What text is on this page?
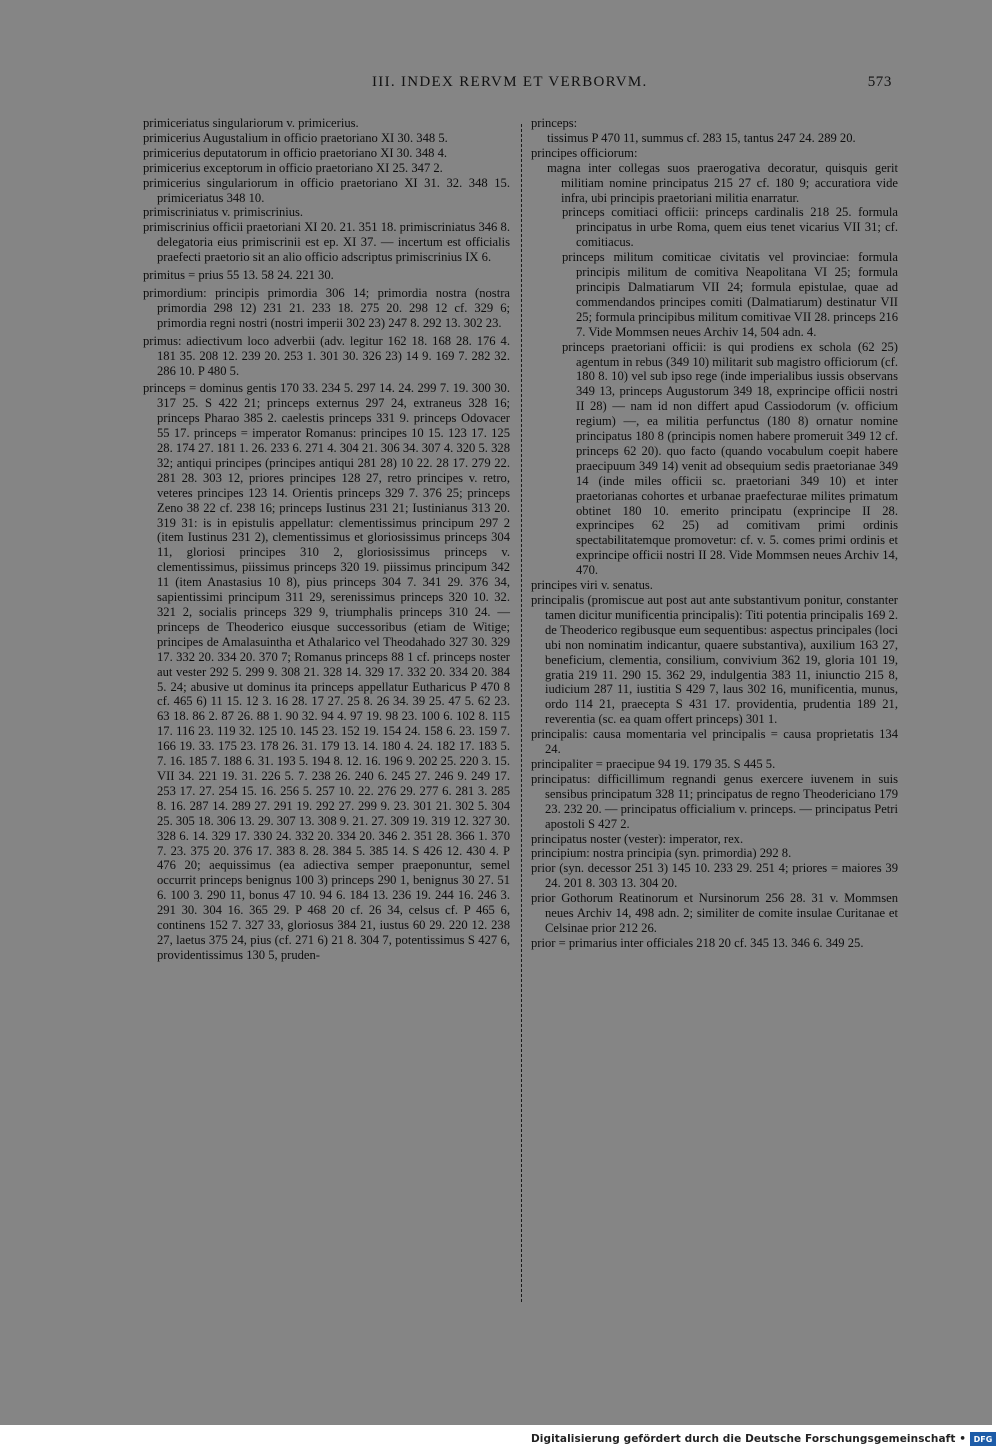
III. INDEX RERVM ET VERBORVM.	573

primiceriatus singulariorum v. primicerius.

primicerius Augustalium in officio praetoriano XI 30. 348 5.

primicerius deputatorum in officio praetoriano XI 30. 348 4.

primicerius exceptorum in officio praetoriano XI 25. 347 2.

primicerius singulariorum in officio praetoriano XI 31. 32. 348 15. primiceriatus 348 10.

primiscriniatus v. primiscrinius.

primiscrinius officii praetoriani XI 20. 21. 351 18. primiscriniatus 346 8. delegatoria eius primiscrinii est ep. XI 37. — incertum est officialis praefecti praetorio sit an alio officio adscriptus primiscrinius IX 6.

primitus = prius 55 13. 58 24. 221 30.

primordium: principis primordia 306 14; primordia nostra (nostra primordia 298 12) 231 21. 233 18. 275 20. 298 12 cf. 329 6; primordia regni nostri (nostri imperii 302 23) 247 8. 292 13. 302 23.

primus: adiectivum loco adverbii (adv. legitur 162 18. 168 28. 176 4. 181 35. 208 12. 239 20. 253 1. 301 30. 326 23) 14 9. 169 7. 282 32. 286 10. P 480 5.

princeps = dominus gentis 170 33. 234 5. 297 14. 24. 299 7. 19. 300 30. 317 25. S 422 21; princeps externus 297 24, extraneus 328 16; princeps Pharao 385 2. caelestis princeps 331 9. princeps Odovacer 55 17. princeps = imperator Romanus: principes 10 15. 123 17. 125 28. 174 27. 181 1. 26. 233 6. 271 4. 304 21. 306 34. 307 4. 320 5. 328 32; antiqui principes (principes antiqui 281 28) 10 22. 28 17. 279 22. 281 28. 303 12, priores principes 128 27, retro principes v. retro, veteres principes 123 14. Orientis princeps 329 7. 376 25; princeps Zeno 38 22 cf. 238 16; princeps Iustinus 231 21; Iustinianus 313 20. 319 31: is in epistulis appellatur: clementissimus principum 297 2 (item Iustinus 231 2), clementissimus et gloriosissimus princeps 304 11, gloriosi principes 310 2, gloriosissimus princeps v. clementissimus, piissimus princeps 320 19. piissimus principum 342 11 (item Anastasius 10 8), pius princeps 304 7. 341 29. 376 34, sapientissimi principum 311 29, serenissimus princeps 320 10. 32. 321 2, socialis princeps 329 9, triumphalis princeps 310 24. — princeps de Theoderico eiusque successoribus (etiam de Witige; principes de Amalasuintha et Athalarico vel Theodahado 327 30. 329 17. 332 20. 334 20. 370 7; Romanus princeps 88 1 cf. princeps noster aut vester 292 5. 299 9. 308 21. 328 14. 329 17. 332 20. 334 20. 384 5. 24; abusive ut dominus ita princeps appellatur Eutharicus P 470 8 cf. 465 6) 11 15. 12 3. 16 28. 17 27. 25 8. 26 34. 39 25. 47 5. 62 23. 63 18. 86 2. 87 26. 88 1. 90 32. 94 4. 97 19. 98 23. 100 6. 102 8. 115 17. 116 23. 119 32. 125 10. 145 23. 152 19. 154 24. 158 6. 23. 159 7. 166 19. 33. 175 23. 178 26. 31. 179 13. 14. 180 4. 24. 182 17. 183 5. 7. 16. 185 7. 188 6. 31. 193 5. 194 8. 12. 16. 196 9. 202 25. 220 3. 15. VII 34. 221 19. 31. 226 5. 7. 238 26. 240 6. 245 27. 246 9. 249 17. 253 17. 27. 254 15. 16. 256 5. 257 10. 22. 276 29. 277 6. 281 3. 285 8. 16. 287 14. 289 27. 291 19. 292 27. 299 9. 23. 301 21. 302 5. 304 25. 305 18. 306 13. 29. 307 13. 308 9. 21. 27. 309 19. 319 12. 327 30. 328 6. 14. 329 17. 330 24. 332 20. 334 20. 346 2. 351 28. 366 1. 370 7. 23. 375 20. 376 17. 383 8. 28. 384 5. 385 14. S 426 12. 430 4. P 476 20; aequissimus (ea adiectiva semper praeponuntur, semel occurrit princeps benignus 100 3) princeps 290 1, benignus 30 27. 51 6. 100 3. 290 11, bonus 47 10. 94 6. 184 13. 236 19. 244 16. 246 3. 291 30. 304 16. 365 29. P 468 20 cf. 26 34, celsus cf. P 465 6, continens 152 7. 327 33, gloriosus 384 21, iustus 60 29. 220 12. 238 27, laetus 375 24, pius (cf. 271 6) 21 8. 304 7, potentissimus S 427 6, providentissimus 130 5, pruden-

princeps:

tissimus P 470 11, summus cf. 283 15, tantus 247 24. 289 20.

principes officiorum:

magna inter collegas suos praerogativa decoratur, quisquis gerit militiam nomine principatus 215 27 cf. 180 9; accuratiora vide infra, ubi principis praetoriani militia enarratur.

princeps comitiaci officii: princeps cardinalis 218 25. formula principatus in urbe Roma, quem eius tenet vicarius VII 31; cf. comitiacus.

princeps militum comiticae civitatis vel provinciae: formula principis militum de comitiva Neapolitana VI 25; formula principis Dalmatiarum VII 24; formula epistulae, quae ad commendandos principes comiti (Dalmatiarum) destinatur VII 25; formula principibus militum comitivae VII 28. princeps 216 7. Vide Mommsen neues Archiv 14, 504 adn. 4.

princeps praetoriani officii: is qui prodiens ex schola (62 25) agentum in rebus (349 10) militarit sub magistro officiorum (cf. 180 8. 10) vel sub ipso rege (inde imperialibus iussis observans 349 13, princeps Augustorum 349 18, exprincipe officii nostri II 28) — nam id non differt apud Cassiodorum (v. officium regium) —, ea militia perfunctus (180 8) ornatur nomine principatus 180 8 (principis nomen habere promeruit 349 12 cf. princeps 62 20). quo facto (quando vocabulum coepit habere praecipuum 349 14) venit ad obsequium sedis praetorianae 349 14 (inde miles officii sc. praetoriani 349 10) et inter praetorianas cohortes et urbanae praefecturae milites primatum obtinet 180 10. emerito principatu (exprincipe II 28. exprincipes 62 25) ad comitivam primi ordinis spectabilitatemque promovetur: cf. v. 5. comes primi ordinis et exprincipe officii nostri II 28. Vide Mommsen neues Archiv 14, 470.

principes viri v. senatus.

principalis (promiscue aut post aut ante substantivum ponitur, constanter tamen dicitur munificentia principalis): Titi potentia principalis 169 2. de Theoderico regibusque eum sequentibus: aspectus principales (loci ubi non nominatim indicantur, quaere substantiva), auxilium 163 27, beneficium, clementia, consilium, convivium 362 19, gloria 101 19, gratia 219 11. 290 15. 362 29, indulgentia 383 11, iniunctio 215 8, iudicium 287 11, iustitia S 429 7, laus 302 16, munificentia, munus, ordo 114 21, praecepta S 431 17. providentia, prudentia 189 21, reverentia (sc. ea quam offert princeps) 301 1.

principalis: causa momentaria vel principalis = causa proprietatis 134 24.

principaliter = praecipue 94 19. 179 35. S 445 5.

principatus: difficillimum regnandi genus exercere iuvenem in suis sensibus principatum 328 11; principatus de regno Theodericiano 179 23. 232 20. — principatus officialium v. princeps. — principatus Petri apostoli S 427 2.

principatus noster (vester): imperator, rex.

principium: nostra principia (syn. primordia) 292 8.

prior (syn. decessor 251 3) 145 10. 233 29. 251 4; priores = maiores 39 24. 201 8. 303 13. 304 20.

prior Gothorum Reatinorum et Nursinorum 256 28. 31 v. Mommsen neues Archiv 14, 498 adn. 2; similiter de comite insulae Curitanae et Celsinae prior 212 26.

prior = primarius inter officiales 218 20 cf. 345 13. 346 6. 349 25.

Digitalisierung gefördert durch die Deutsche Forschungsgemeinschaft • DFG
